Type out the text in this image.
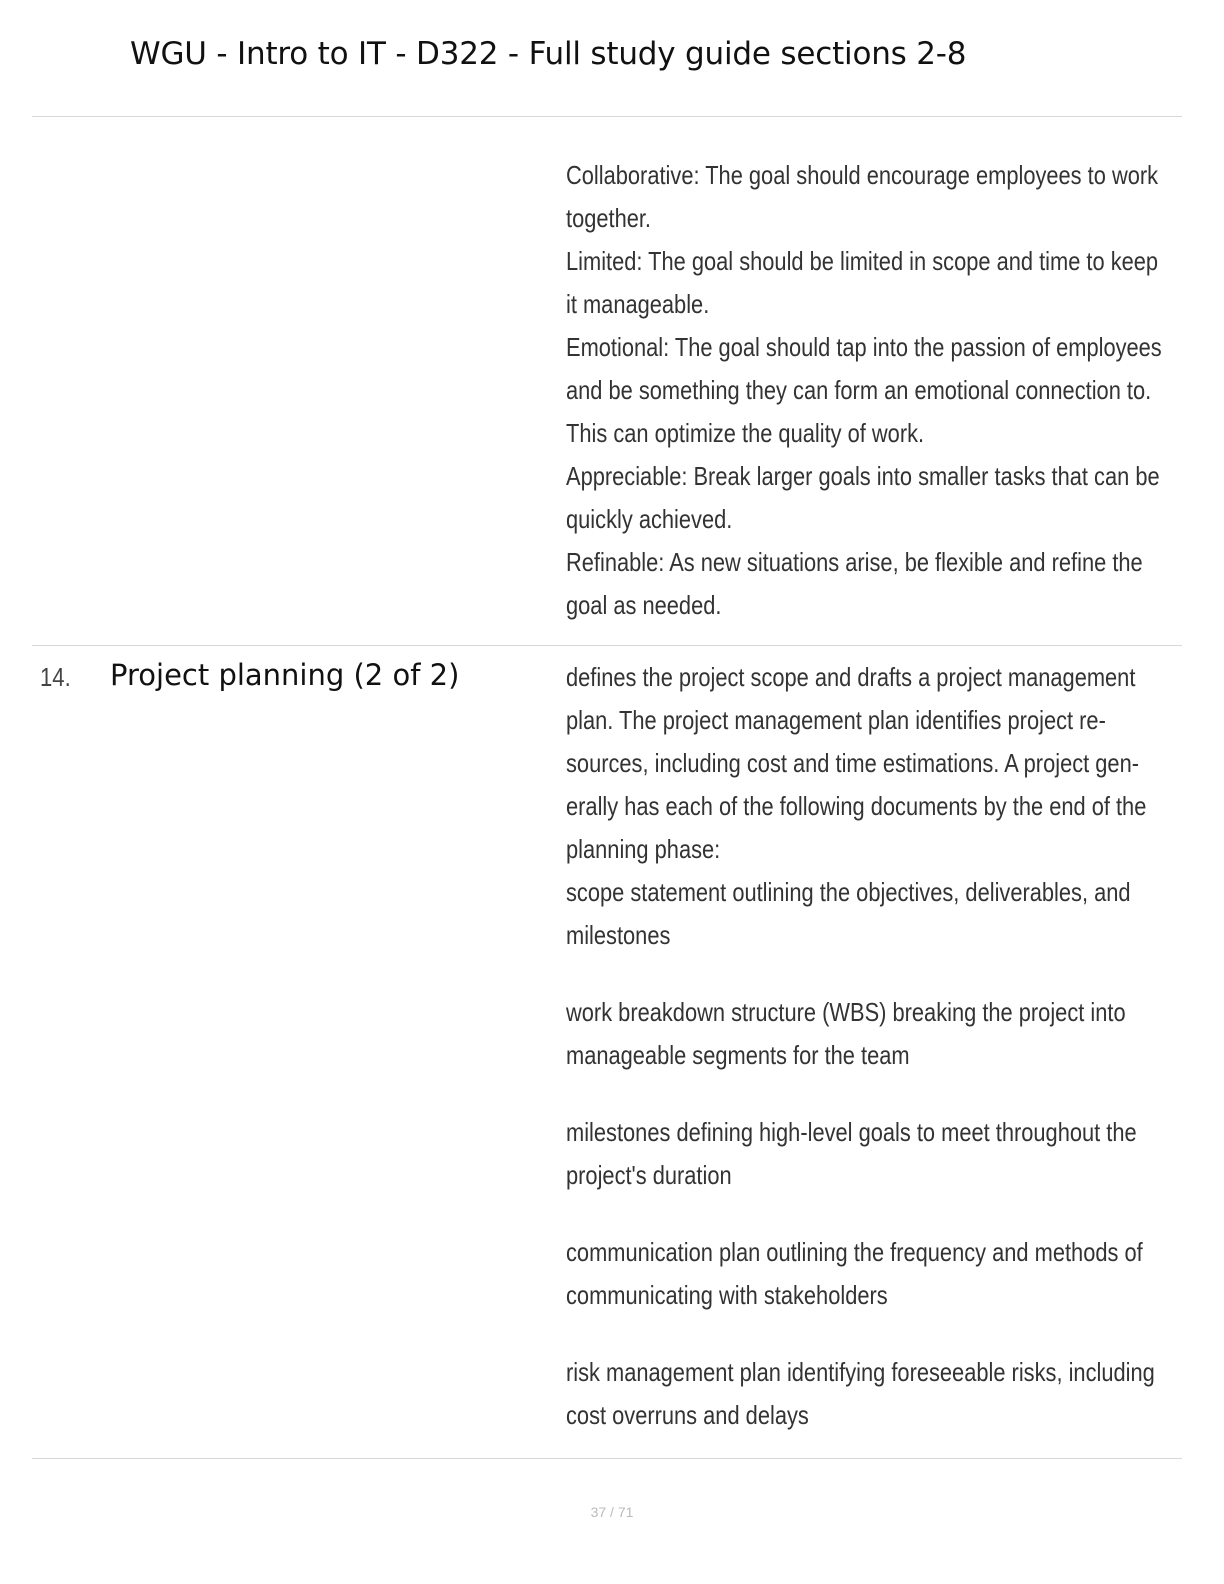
WGU - Intro to IT - D322 - Full study guide sections 2-8
Collaborative: The goal should encourage employees to work
together.
Limited: The goal should be limited in scope and time to keep
it manageable.
Emotional: The goal should tap into the passion of employees
and be something they can form an emotional connection to.
This can optimize the quality of work.
Appreciable: Break larger goals into smaller tasks that can be
quickly achieved.
Refinable: As new situations arise, be flexible and refine the
goal as needed.
14. Project planning (2 of 2)	defines the project scope and drafts a project management
plan. The project management plan identifies project re-
sources, including cost and time estimations. A project gen-
erally has each of the following documents by the end of the
planning phase:
scope statement outlining the objectives, deliverables, and
milestones
work breakdown structure (WBS) breaking the project into
manageable segments for the team
milestones defining high-level goals to meet throughout the
project's duration
communication plan outlining the frequency and methods of
communicating with stakeholders
risk management plan identifying foreseeable risks, including
cost overruns and delays
37 / 71
